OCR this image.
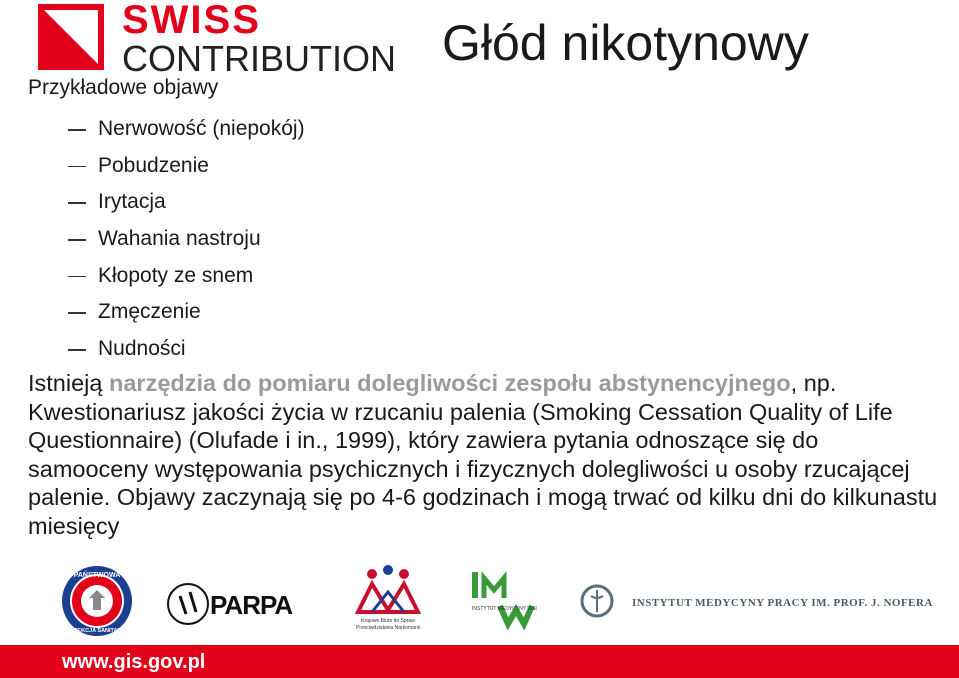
SWISS
CONTRIBUTION Głód nikotynowy
Przykładowe objawy
Nerwowość (niepokój)
Pobudzenie
Irytacja
Wahania nastroju
Kłopoty ze snem
Zmęczenie
Nudności
Istnieją narzędzia do pomiaru dolegliwości zespołu abstynencyjnego, np. Kwestionariusz jakości życia w rzucaniu palenia (Smoking Cessation Quality of Life Questionnaire) (Olufade i in., 1999), który zawiera pytania odnoszące się do samooceny występowania psychicznych i fizycznych dolegliwości u osoby rzucającej palenie. Objawy zaczynają się po 4-6 godzinach i mogą trwać od kilku dni do kilkunastu miesięcy
PAŃSTWOWA
INSPEKCJA SANITARNA
PARPA
Krajowe Biuro do Spraw
Przeciwdziałania Narkomanii
INSTYTUT MEDYCYNY WSI	INSTYTUT MEDYCYNY PRACY IM. PROF. J. NOFERA
www.gis.gov.pl
